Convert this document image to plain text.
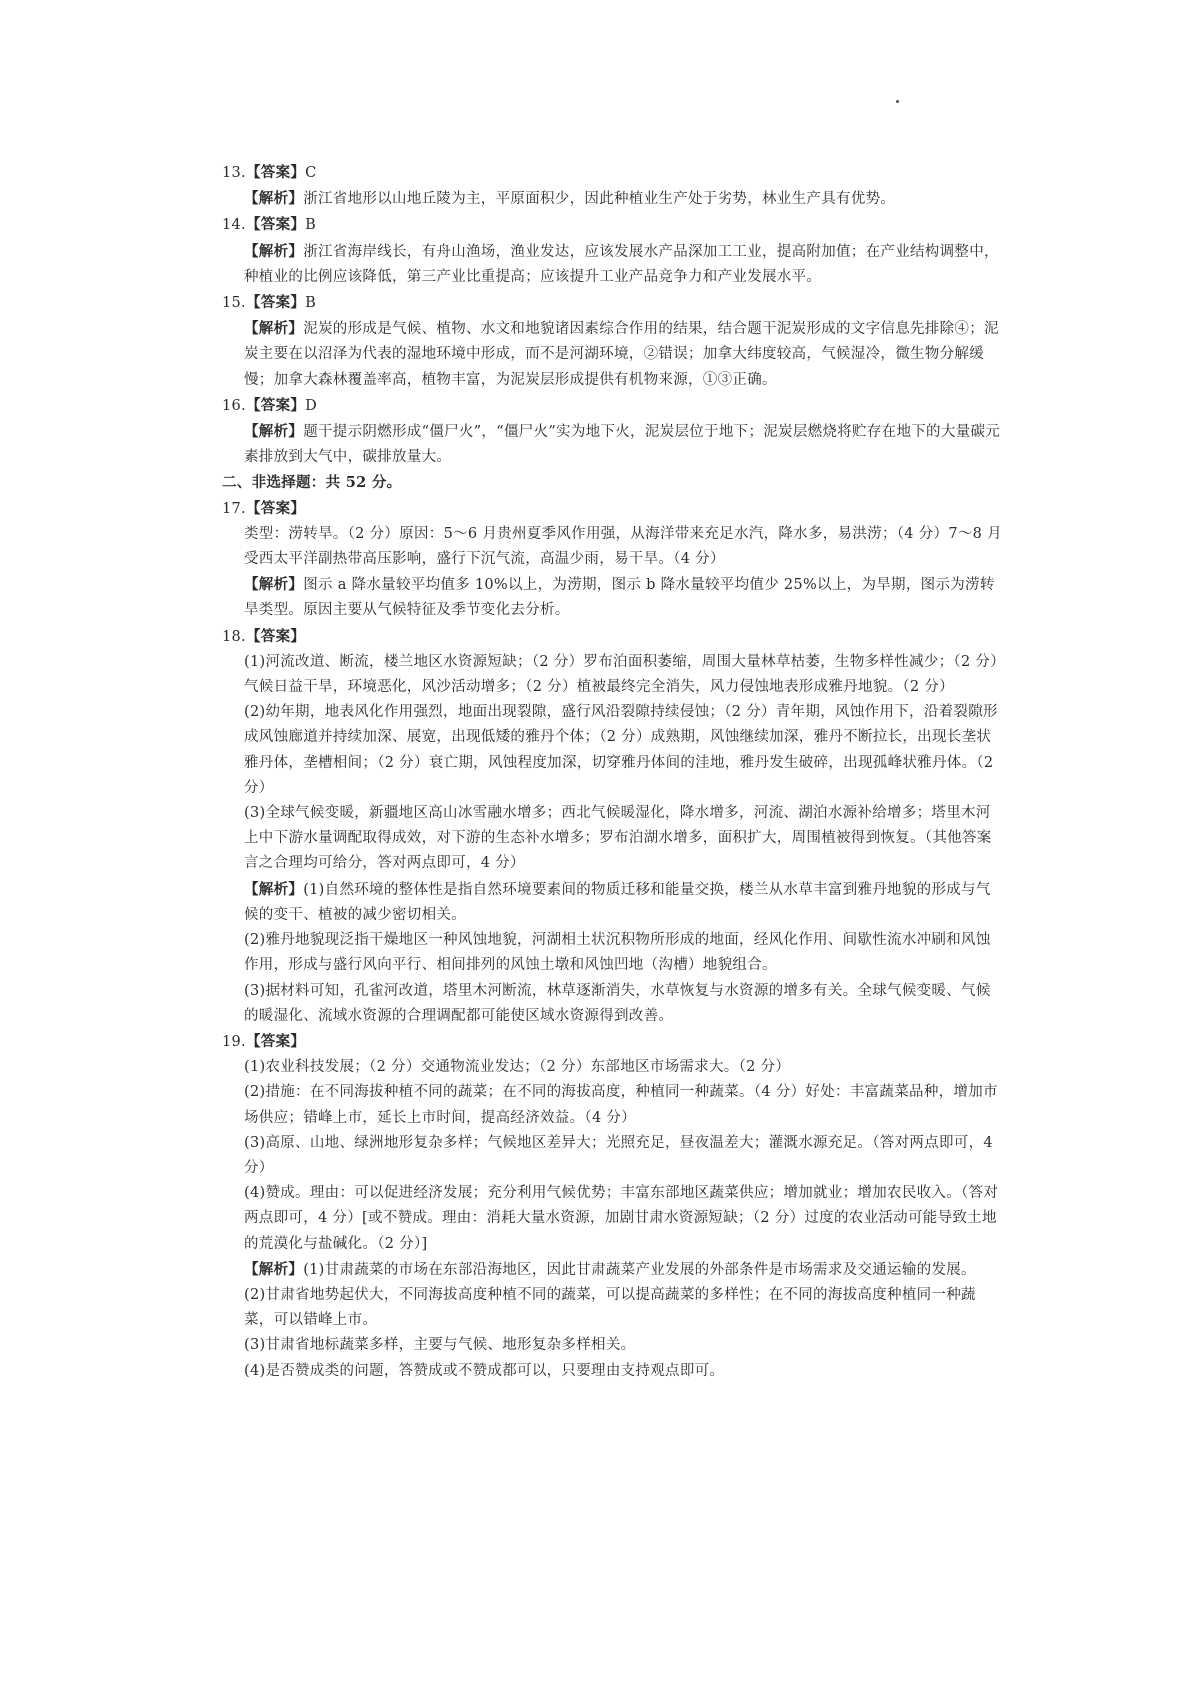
13.【答案】C
【解析】浙江省地形以山地丘陵为主，平原面积少，因此种植业生产处于劣势，林业生产具有优势。
14.【答案】B
【解析】浙江省海岸线长，有舟山渔场，渔业发达，应该发展水产品深加工工业，提高附加值；在产业结构调整中，种植业的比例应该降低，第三产业比重提高；应该提升工业产品竞争力和产业发展水平。
15.【答案】B
【解析】泥炭的形成是气候、植物、水文和地貌诸因素综合作用的结果，结合题干泥炭形成的文字信息先排除④；泥炭主要在以沼泽为代表的湿地环境中形成，而不是河湖环境，②错误；加拿大纬度较高，气候湿冷，微生物分解缓慢；加拿大森林覆盖率高，植物丰富，为泥炭层形成提供有机物来源，①③正确。
16.【答案】D
【解析】题干提示阴燃形成“僵尸火”，“僵尸火”实为地下火，泥炭层位于地下；泥炭层燃烧将贮存在地下的大量碳元素排放到大气中，碳排放量大。
二、非选择题：共 52 分。
17.【答案】
类型：涝转旱。（2 分）原因：5～6 月贵州夏季风作用强，从海洋带来充足水汽，降水多，易洪涝；（4 分）7～8 月受西太平洋副热带高压影响，盛行下沉气流，高温少雨，易干旱。（4 分）
【解析】图示 a 降水量较平均值多 10%以上，为涝期，图示 b 降水量较平均值少 25%以上，为旱期，图示为涝转旱类型。原因主要从气候特征及季节变化去分析。
18.【答案】
(1)河流改道、断流，楼兰地区水资源短缺；（2 分）罗布泊面积萎缩，周围大量林草枯萎，生物多样性减少；（2 分）气候日益干旱，环境恶化，风沙活动增多；（2 分）植被最终完全消失，风力侵蚀地表形成雅丹地貌。（2 分）
(2)幼年期，地表风化作用强烈，地面出现裂隙，盛行风沿裂隙持续侵蚀；（2 分）青年期，风蚀作用下，沿着裂隙形成风蚀廊道并持续加深、展宽，出现低矮的雅丹个体；（2 分）成熟期，风蚀继续加深，雅丹不断拉长，出现长垄状雅丹体，垄槽相间；（2 分）衰亡期，风蚀程度加深，切穿雅丹体间的洼地，雅丹发生破碎，出现孤峰状雅丹体。（2 分）
(3)全球气候变暖，新疆地区高山冰雪融水增多；西北气候暖湿化，降水增多，河流、湖泊水源补给增多；塔里木河上中下游水量调配取得成效，对下游的生态补水增多；罗布泊湖水增多，面积扩大，周围植被得到恢复。（其他答案言之合理均可给分，答对两点即可，4 分）
【解析】(1)自然环境的整体性是指自然环境要素间的物质迁移和能量交换，楼兰从水草丰富到雅丹地貌的形成与气候的变干、植被的减少密切相关。
(2)雅丹地貌现泛指干燥地区一种风蚀地貌，河湖相土状沉积物所形成的地面，经风化作用、间歇性流水冲刷和风蚀作用，形成与盛行风向平行、相间排列的风蚀土墩和风蚀凹地（沟槽）地貌组合。
(3)据材料可知，孔雀河改道，塔里木河断流，林草逐渐消失，水草恢复与水资源的增多有关。全球气候变暖、气候的暖湿化、流域水资源的合理调配都可能使区域水资源得到改善。
19.【答案】
(1)农业科技发展；（2 分）交通物流业发达；（2 分）东部地区市场需求大。（2 分）
(2)措施：在不同海拔种植不同的蔬菜；在不同的海拔高度，种植同一种蔬菜。（4 分）好处：丰富蔬菜品种，增加市场供应；错峰上市，延长上市时间，提高经济效益。（4 分）
(3)高原、山地、绿洲地形复杂多样；气候地区差异大；光照充足，昼夜温差大；灌溉水源充足。（答对两点即可，4 分）
(4)赞成。理由：可以促进经济发展；充分利用气候优势；丰富东部地区蔬菜供应；增加就业；增加农民收入。（答对两点即可，4 分）[或不赞成。理由：消耗大量水资源，加剧甘肃水资源短缺；（2 分）过度的农业活动可能导致土地的荒漠化与盐碱化。（2 分）]
【解析】(1)甘肃蔬菜的市场在东部沿海地区，因此甘肃蔬菜产业发展的外部条件是市场需求及交通运输的发展。
(2)甘肃省地势起伏大，不同海拔高度种植不同的蔬菜，可以提高蔬菜的多样性；在不同的海拔高度种植同一种蔬菜，可以错峰上市。
(3)甘肃省地标蔬菜多样，主要与气候、地形复杂多样相关。
(4)是否赞成类的问题，答赞成或不赞成都可以，只要理由支持观点即可。
